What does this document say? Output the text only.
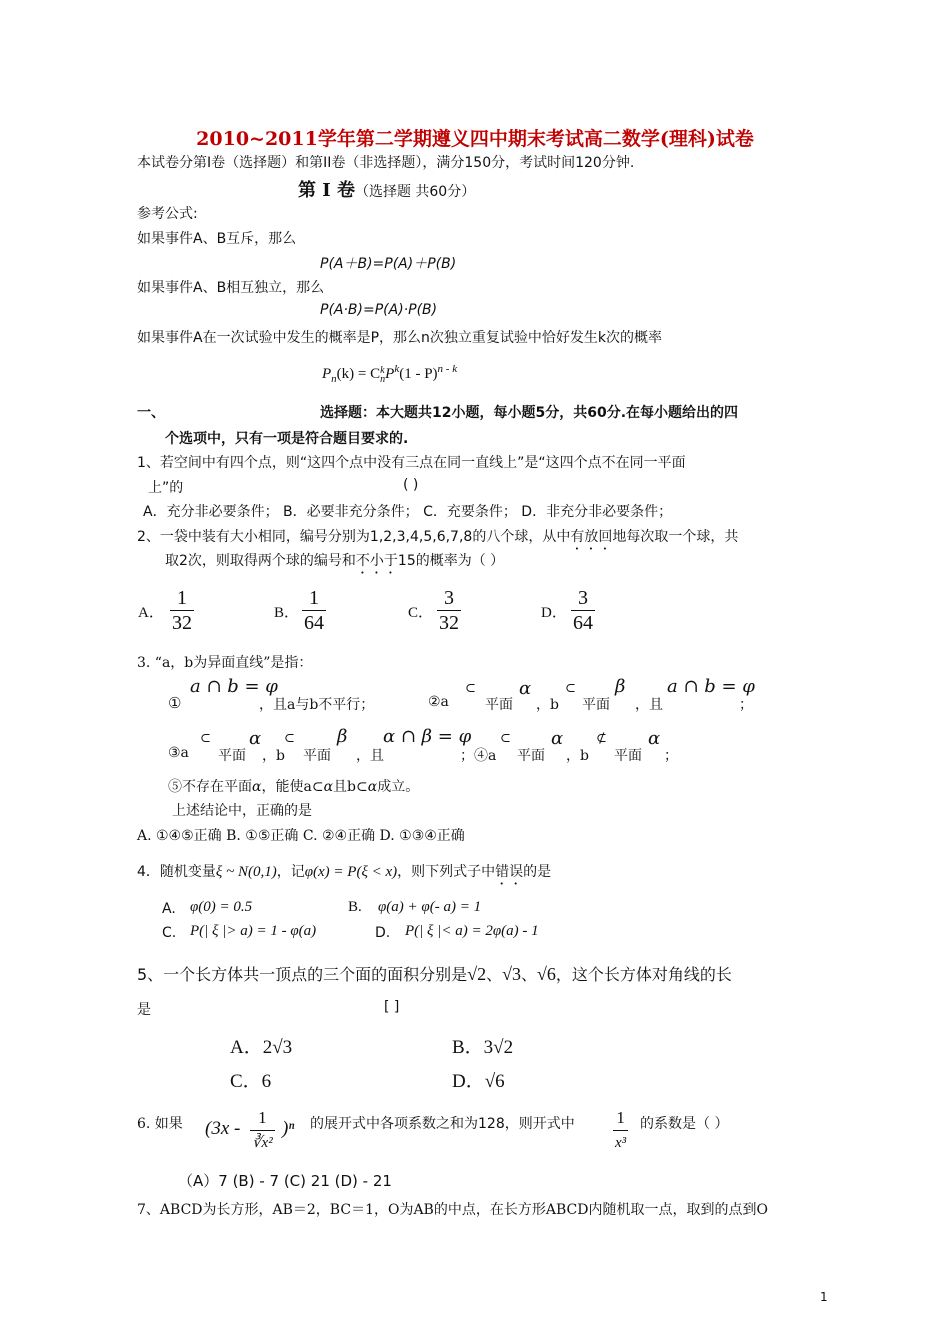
2010~2011学年第二学期遵义四中期末考试高二数学(理科)试卷
本试卷分第I卷（选择题）和第II卷（非选择题），满分150分，考试时间120分钟.
第 I 卷（选择题 共60分）
参考公式:
如果事件A、B互斥，那么
P(A＋B)=P(A)＋P(B)
如果事件A、B相互独立，那么
P(A·B)=P(A)·P(B)
如果事件A在一次试验中发生的概率是P，那么n次独立重复试验中恰好发生k次的概率
$P_n(k) = C$ k
n $P^k(1 - P)^{n - k}$
一、	选择题：本大题共12小题，每小题5分，共60分.在每小题给出的四
个选项中，只有一项是符合题目要求的.
1、若空间中有四个点，则“这四个点中没有三点在同一直线上”是“这四个点不在同一平面
上”的	( )
A．充分非必要条件； B．必要非充分条件； C．充要条件； D．非充分非必要条件；
2、一袋中装有大小相同，编号分别为1,2,3,4,5,6,7,8的八个球，从中有放回地每次取一个球，共
取2次，则取得两个球的编号和不小于15的概率为（ ）
A．
1
32	B．
1
64	C．
3
32	D．
3
64
3. “a，b为异面直线”是指：
a ∩ b = φ
①	，且a与b不平行；	②a
⊂
平面
α
，b
⊂
平面
β
，且
a ∩ b = φ
；
③a
⊂
平面
α
，b
⊂
平面
β
，且
α ∩ β = φ
；④a
⊂
平面
α
，b
⊄
平面
α
；
⑤不存在平面α，能使a⊂α且b⊂α成立。
上述结论中，正确的是
A. ①④⑤正确 B. ①⑤正确 C. ②④正确 D. ①③④正确
4．随机变量ξ ~ N(0,1)，记φ(x) = P(ξ < x)，则下列式子中错误的是
A. φ(0) = 0.5	B. φ(a) + φ(- a) = 1
C. P(| ξ |> a) = 1 - φ(a)	D. P(| ξ |< a) = 2φ(a) - 1
5、一个长方体共一顶点的三个面的面积分别是√2、√3、√6，这个长方体对角线的长
是	[ ]
A．2√3	B．3√2
C．6	D．√6
6. 如果 (3x -
1
∛x²
)ⁿ 的展开式中各项系数之和为128，则开式中 1
x³
的系数是（ ）
（A）7 (B) - 7 (C) 21 (D) - 21
7、ABCD为长方形，AB＝2，BC＝1，O为AB的中点，在长方形ABCD内随机取一点，取到的点到O
1
